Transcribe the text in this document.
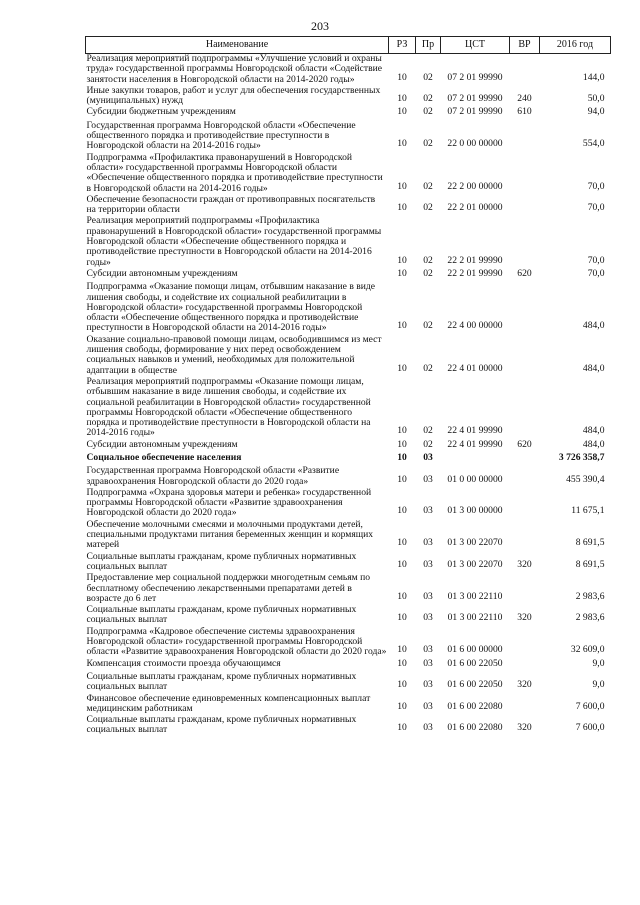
203
Наименование	РЗ	Пр	ЦСТ	ВР	2016 год
Реализация мероприятий подпрограммы «Улучшение условий и охраны труда» государственной программы Новгородской области «Содействие занятости населения в Новгородской области на 2014-2020 годы»	10	02	07 2 01 99990		144,0
Иные закупки товаров, работ и услуг для обеспечения государственных (муниципальных) нужд	10	02	07 2 01 99990	240	50,0
Субсидии бюджетным учреждениям	10	02	07 2 01 99990	610	94,0
Государственная программа Новгородской области «Обеспечение общественного порядка и противодействие преступности в Новгородской области на 2014-2016 годы»	10	02	22 0 00 00000		554,0
Подпрограмма «Профилактика правонарушений в Новгородской области» государственной программы Новгородской области «Обеспечение общественного порядка и противодействие преступности в Новгородской области на 2014-2016 годы»	10	02	22 2 00 00000		70,0
Обеспечение безопасности граждан от противоправных посягательств на территории области	10	02	22 2 01 00000		70,0
Реализация мероприятий подпрограммы «Профилактика правонарушений в Новгородской области» государственной программы Новгородской области «Обеспечение общественного порядка и противодействие преступности в Новгородской области на 2014-2016 годы»	10	02	22 2 01 99990		70,0
Субсидии автономным учреждениям	10	02	22 2 01 99990	620	70,0
Подпрограмма «Оказание помощи лицам, отбывшим наказание в виде лишения свободы, и содействие их социальной реабилитации в Новгородской области» государственной программы Новгородской области «Обеспечение общественного порядка и противодействие преступности в Новгородской области на 2014-2016 годы»	10	02	22 4 00 00000		484,0
Оказание социально-правовой помощи лицам, освободившимся из мест лишения свободы, формирование у них перед освобождением социальных навыков и умений, необходимых для положительной адаптации в обществе	10	02	22 4 01 00000		484,0
Реализация мероприятий подпрограммы «Оказание помощи лицам, отбывшим наказание в виде лишения свободы, и содействие их социальной реабилитации в Новгородской области» государственной программы Новгородской области «Обеспечение общественного порядка и противодействие преступности в Новгородской области на 2014-2016 годы»	10	02	22 4 01 99990		484,0
Субсидии автономным учреждениям	10	02	22 4 01 99990	620	484,0
Социальное обеспечение населения	10	03			3 726 358,7
Государственная программа Новгородской области «Развитие здравоохранения Новгородской области до 2020 года»	10	03	01 0 00 00000		455 390,4
Подпрограмма «Охрана здоровья матери и ребенка» государственной программы Новгородской области «Развитие здравоохранения Новгородской области до 2020 года»	10	03	01 3 00 00000		11 675,1
Обеспечение молочными смесями и молочными продуктами детей, специальными продуктами питания беременных женщин и кормящих матерей	10	03	01 3 00 22070		8 691,5
Социальные выплаты гражданам, кроме публичных нормативных социальных выплат	10	03	01 3 00 22070	320	8 691,5
Предоставление мер социальной поддержки многодетным семьям по бесплатному обеспечению лекарственными препаратами детей в возрасте до 6 лет	10	03	01 3 00 22110		2 983,6
Социальные выплаты гражданам, кроме публичных нормативных социальных выплат	10	03	01 3 00 22110	320	2 983,6
Подпрограмма «Кадровое обеспечение системы здравоохранения Новгородской области» государственной программы Новгородской области «Развитие здравоохранения Новгородской области до 2020 года»	10	03	01 6 00 00000		32 609,0
Компенсация стоимости проезда обучающимся	10	03	01 6 00 22050		9,0
Социальные выплаты гражданам, кроме публичных нормативных социальных выплат	10	03	01 6 00 22050	320	9,0
Финансовое обеспечение единовременных компенсационных выплат медицинским работникам	10	03	01 6 00 22080		7 600,0
Социальные выплаты гражданам, кроме публичных нормативных социальных выплат	10	03	01 6 00 22080	320	7 600,0
